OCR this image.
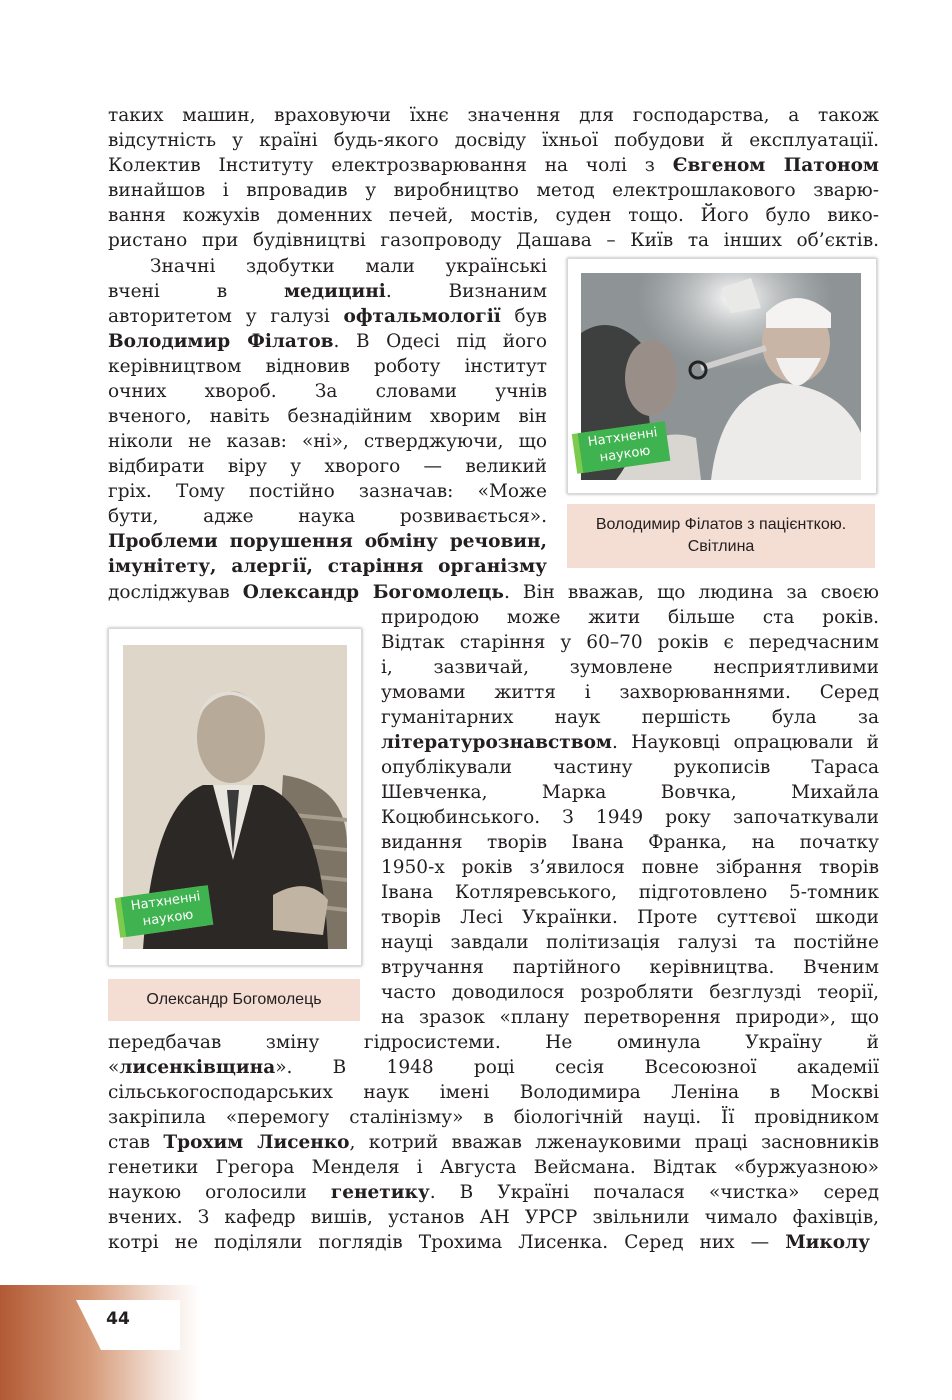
таких машин, враховуючи їхнє значення для господарства, а також
відсутність у країні будь-якого досвіду їхньої побудови й експлуатації.
Колектив Інституту електрозварювання на чолі з Євгеном Патоном
винайшов і впровадив у виробництво метод електрошлакового зварю-
вання кожухів доменних печей, мостів, суден тощо. Його було вико-
ристано при будівництві газопроводу Дашава – Київ та інших об’єктів.
Значні здобутки мали українські
вчені в медицині. Визнаним
авторитетом у галузі офтальмології був
Володимир Філатов. В Одесі під його
керівництвом відновив роботу інститут
очних хвороб. За словами учнів
вченого, навіть безнадійним хворим він
ніколи не казав: «ні», стверджуючи, що
відбирати віру у хворого — великий
гріх. Тому постійно зазначав: «Може
бути, адже наука розвивається».
Проблеми порушення обміну речовин,
імунітету, алергії, старіння організму
досліджував Олександр Богомолець. Він вважав, що людина за своєю
природою може жити більше ста років.
Відтак старіння у 60–70 років є передчасним
і, зазвичай, зумовлене несприятливими
умовами життя і захворюваннями. Серед
гуманітарних наук першість була за
літературознавством. Науковці опрацювали й
опублікували частину рукописів Тараса
Шевченка, Марка Вовчка, Михайла
Коцюбинського. З 1949 року започаткували
видання творів Івана Франка, на початку
1950-х років з’явилося повне зібрання творів
Івана Котляревського, підготовлено 5-томник
творів Лесі Українки. Проте суттєвої шкоди
науці завдали політизація галузі та постійне
втручання партійного керівництва. Вченим
часто доводилося розробляти безглузді теорії,
на зразок «плану перетворення природи», що
передбачав зміну гідросистеми. Не оминула Україну й
«лисенківщина». В 1948 році сесія Всесоюзної академії
сільськогосподарських наук імені Володимира Леніна в Москві
закріпила «перемогу сталінізму» в біологічній науці. Її провідником
став Трохим Лисенко, котрий вважав лженауковими праці засновників
генетики Грегора Менделя і Августа Вейсмана. Відтак «буржуазною»
наукою оголосили генетику. В Україні почалася «чистка» серед
вчених. З кафедр вишів, установ АН УРСР звільнили чимало фахівців,
котрі не поділяли поглядів Трохима Лисенка. Серед них — Миколу
Натхненні наукою
Володимир Філатов з пацієнткою.
Світлина
Натхненні наукою
Олександр Богомолець
44
